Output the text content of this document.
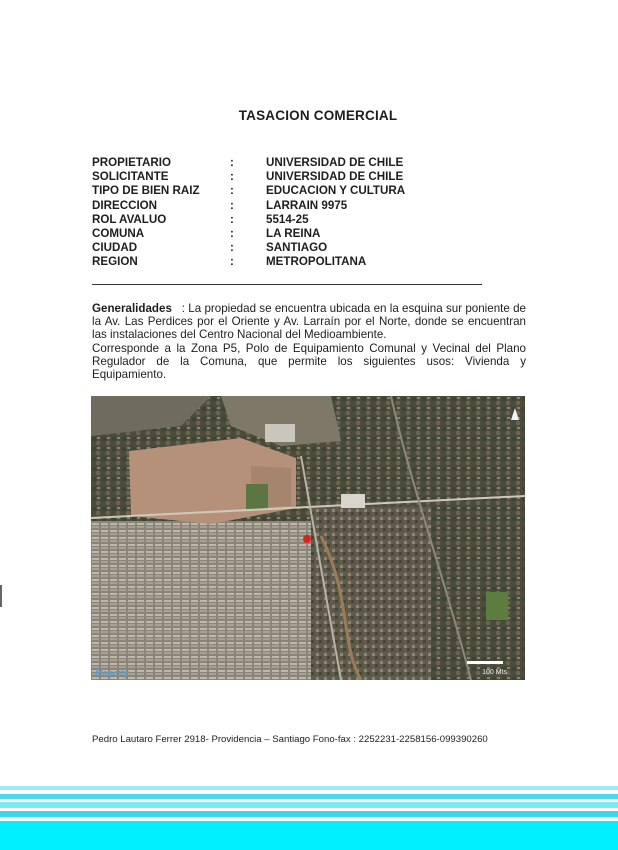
TASACION COMERCIAL
PROPIETARIO	:	UNIVERSIDAD DE CHILE
SOLICITANTE	:	UNIVERSIDAD DE CHILE
TIPO DE BIEN RAIZ	:	EDUCACION Y CULTURA
DIRECCION	:	LARRAIN 9975
ROL AVALUO	:	5514-25
COMUNA	:	LA REINA
CIUDAD	:	SANTIAGO
REGION	:	METROPOLITANA
Generalidades : La propiedad se encuentra ubicada en la esquina sur poniente de la Av. Las Perdices por el Oriente y Av. Larraín por el Norte, donde se encuentran las instalaciones del Centro Nacional del Medioambiente.
Corresponde a la Zona P5, Polo de Equipamiento Comunal y Vecinal del Plano Regulador de la Comuna, que permite los siguientes usos: Vivienda y Equipamiento.
Mapcity	100 Mts
Pedro Lautaro Ferrer 2918- Providencia – Santiago Fono-fax : 2252231-2258156-099390260
